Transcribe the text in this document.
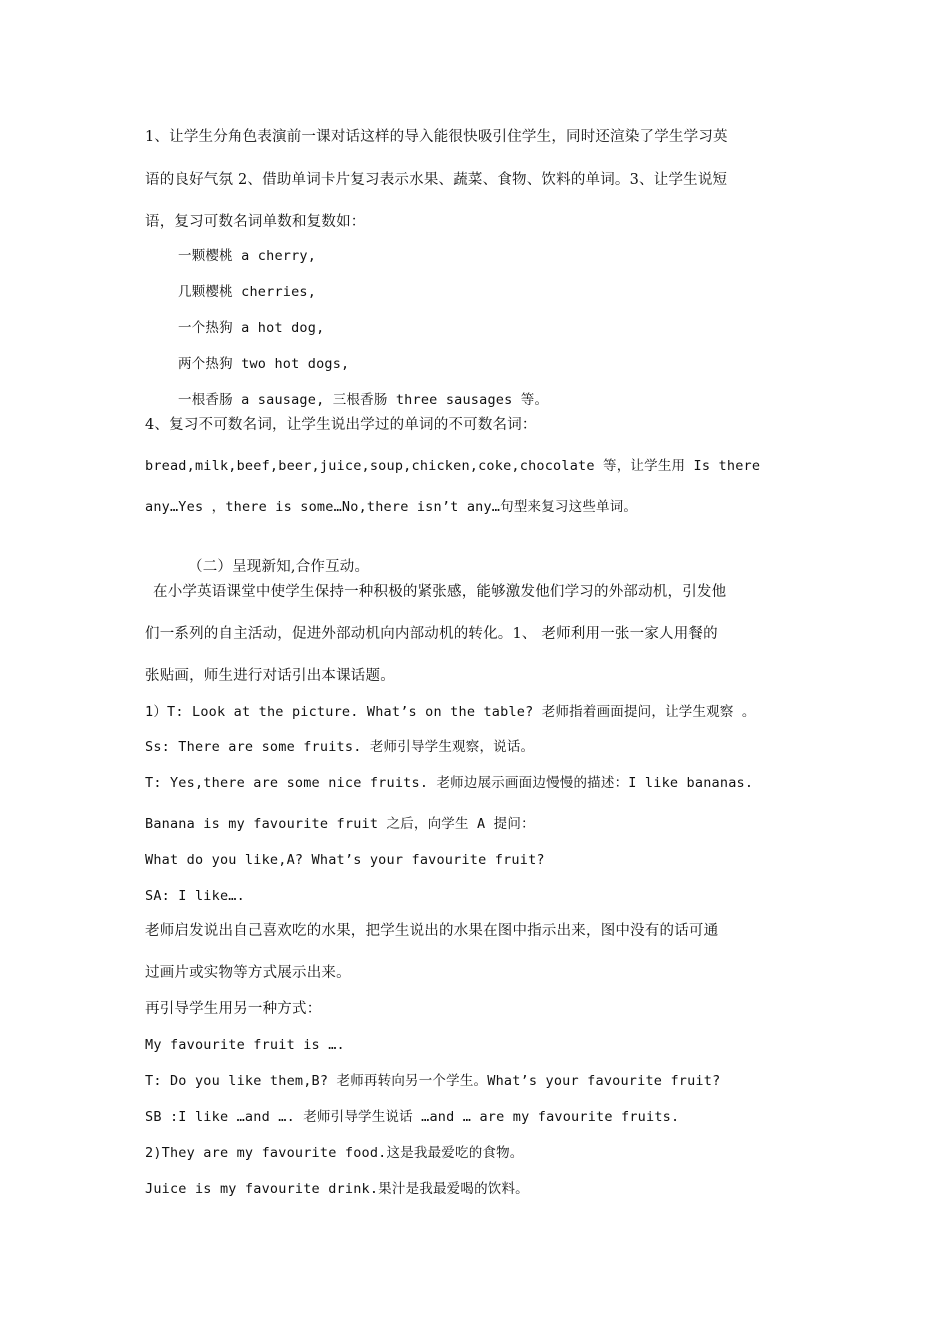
1、让学生分角色表演前一课对话这样的导入能很快吸引住学生，同时还渲染了学生学习英
语的良好气氛 2、借助单词卡片复习表示水果、蔬菜、食物、饮料的单词。3、让学生说短
语，复习可数名词单数和复数如：
一颗樱桃 a cherry,
几颗樱桃 cherries,
一个热狗 a hot dog,
两个热狗 two hot dogs,
一根香肠 a sausage, 三根香肠 three sausages 等。
4、复习不可数名词，让学生说出学过的单词的不可数名词：
bread,milk,beef,beer,juice,soup,chicken,coke,chocolate 等，让学生用 Is there
any…Yes ，there is some…No,there isn’t any…句型来复习这些单词。
（二）呈现新知,合作互动。
在小学英语课堂中使学生保持一种积极的紧张感，能够激发他们学习的外部动机，引发他
们一系列的自主活动，促进外部动机向内部动机的转化。1、 老师利用一张一家人用餐的
张贴画，师生进行对话引出本课话题。
1）T: Look at the picture. What’s on the table? 老师指着画面提问，让学生观察 。
Ss: There are some fruits. 老师引导学生观察，说话。
T: Yes,there are some nice fruits. 老师边展示画面边慢慢的描述：I like bananas.
Banana is my favourite fruit 之后，向学生 A 提问：
What do you like,A? What’s your favourite fruit?
SA: I like….
老师启发说出自己喜欢吃的水果，把学生说出的水果在图中指示出来，图中没有的话可通
过画片或实物等方式展示出来。
再引导学生用另一种方式：
My favourite fruit is ….
T: Do you like them,B? 老师再转向另一个学生。What’s your favourite fruit?
SB :I like …and …. 老师引导学生说话 …and … are my favourite fruits.
2)They are my favourite food.这是我最爱吃的食物。
Juice is my favourite drink.果汁是我最爱喝的饮料。
